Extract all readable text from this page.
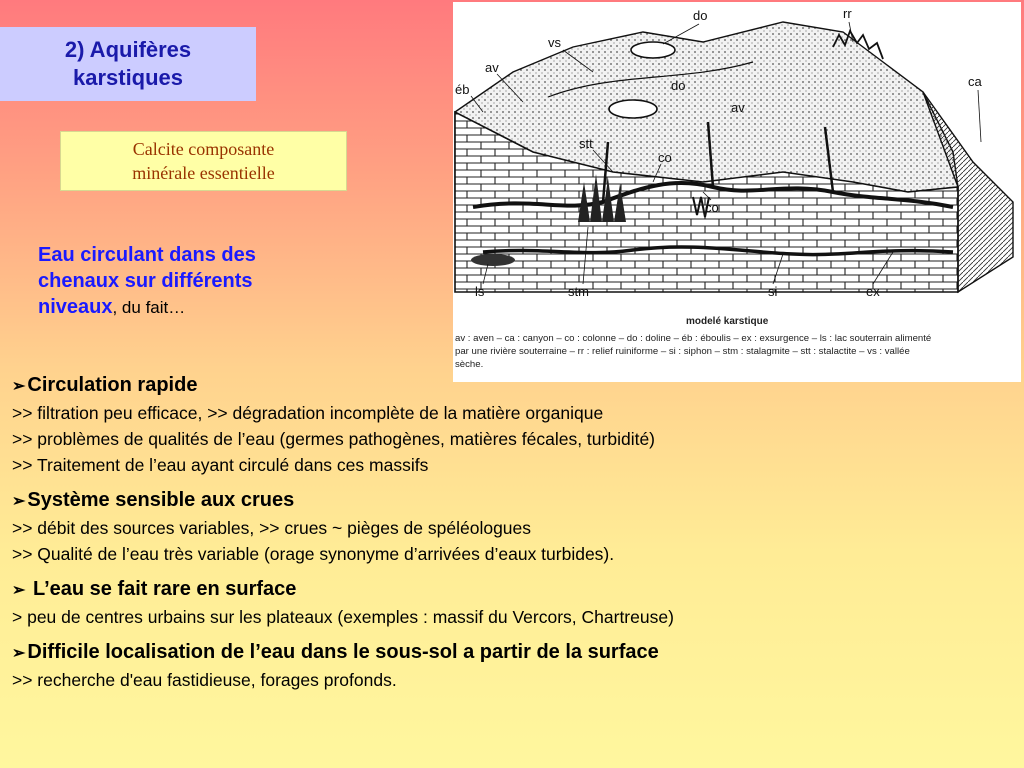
2) Aquifères
karstiques
Calcite composante
minérale essentielle
Eau circulant dans des
chenaux sur différents
niveaux, du fait…
do	rr
vs
av
éb	do
av
ca
stt
co
co
ls	stm	si	ex
modelé karstique
av : aven – ca : canyon – co : colonne – do : doline – éb : éboulis – ex : exsurgence – ls : lac souterrain alimenté
par une rivière souterraine – rr : relief ruiniforme – si : siphon – stm : stalagmite – stt : stalactite – vs : vallée
sèche.
➢ Circulation rapide
>> filtration peu efficace, >> dégradation incomplète de la matière organique
>> problèmes de qualités de l’eau (germes pathogènes, matières fécales, turbidité)
>> Traitement de l’eau ayant circulé dans ces massifs
➢ Système sensible aux crues
>> débit des sources variables, >> crues ~ pièges de spéléologues
>> Qualité de l’eau très variable (orage synonyme d’arrivées d’eaux turbides).
➢ L’eau se fait rare en surface
> peu de centres urbains sur les plateaux (exemples : massif du Vercors, Chartreuse)
➢ Difficile localisation de l’eau dans le sous-sol a partir de la surface
>> recherche d'eau fastidieuse, forages profonds.
